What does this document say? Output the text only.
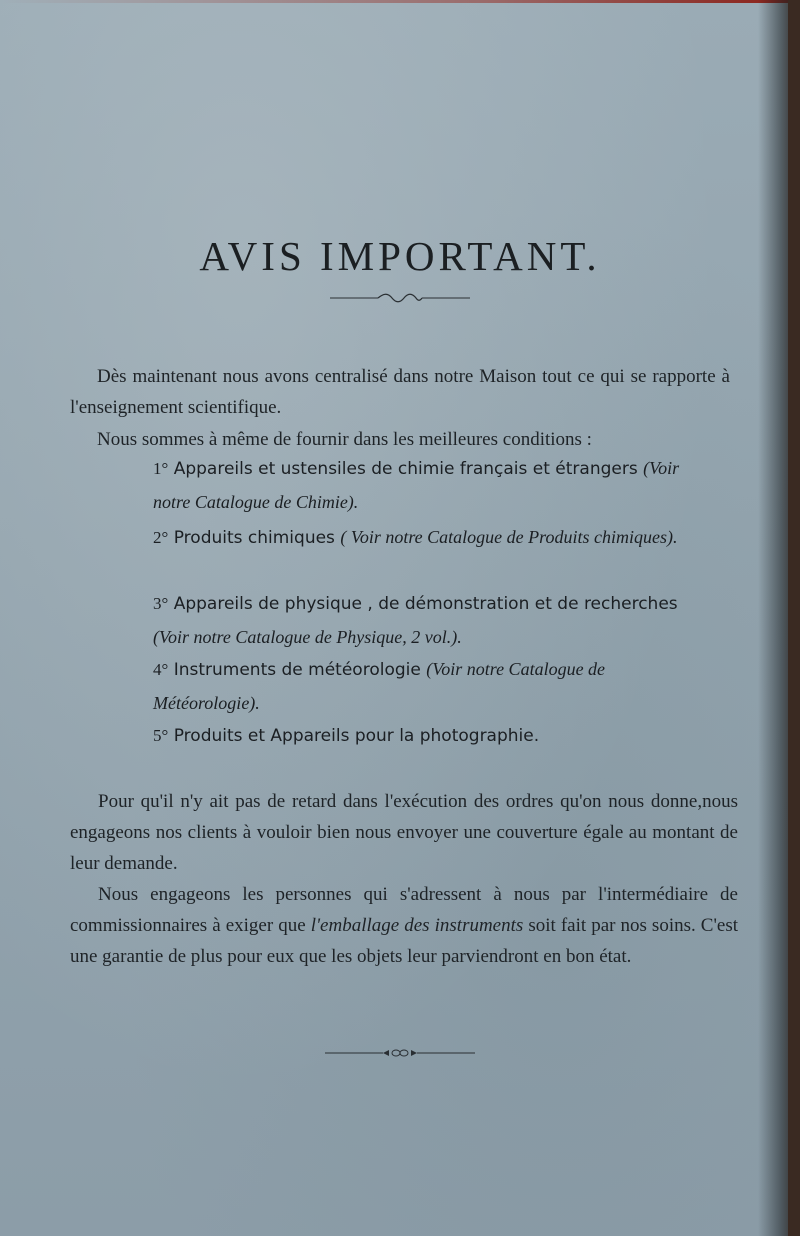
AVIS IMPORTANT.

Dès maintenant nous avons centralisé dans notre Maison tout ce qui se rapporte à l'enseignement scientifique.

Nous sommes à même de fournir dans les meilleures conditions :

1° Appareils et ustensiles de chimie français et étrangers (Voir notre Catalogue de Chimie).
2° Produits chimiques ( Voir notre Catalogue de Produits chimiques).
3° Appareils de physique , de démonstration et de recherches (Voir notre Catalogue de Physique, 2 vol.).
4° Instruments de météorologie (Voir notre Catalogue de Météorologie).
5° Produits et Appareils pour la photographie.

Pour qu'il n'y ait pas de retard dans l'exécution des ordres qu'on nous donne,nous engageons nos clients à vouloir bien nous envoyer une couverture égale au montant de leur demande.

Nous engageons les personnes qui s'adressent à nous par l'intermédiaire de commissionnaires à exiger que l'emballage des instruments soit fait par nos soins. C'est une garantie de plus pour eux que les objets leur parviendront en bon état.
